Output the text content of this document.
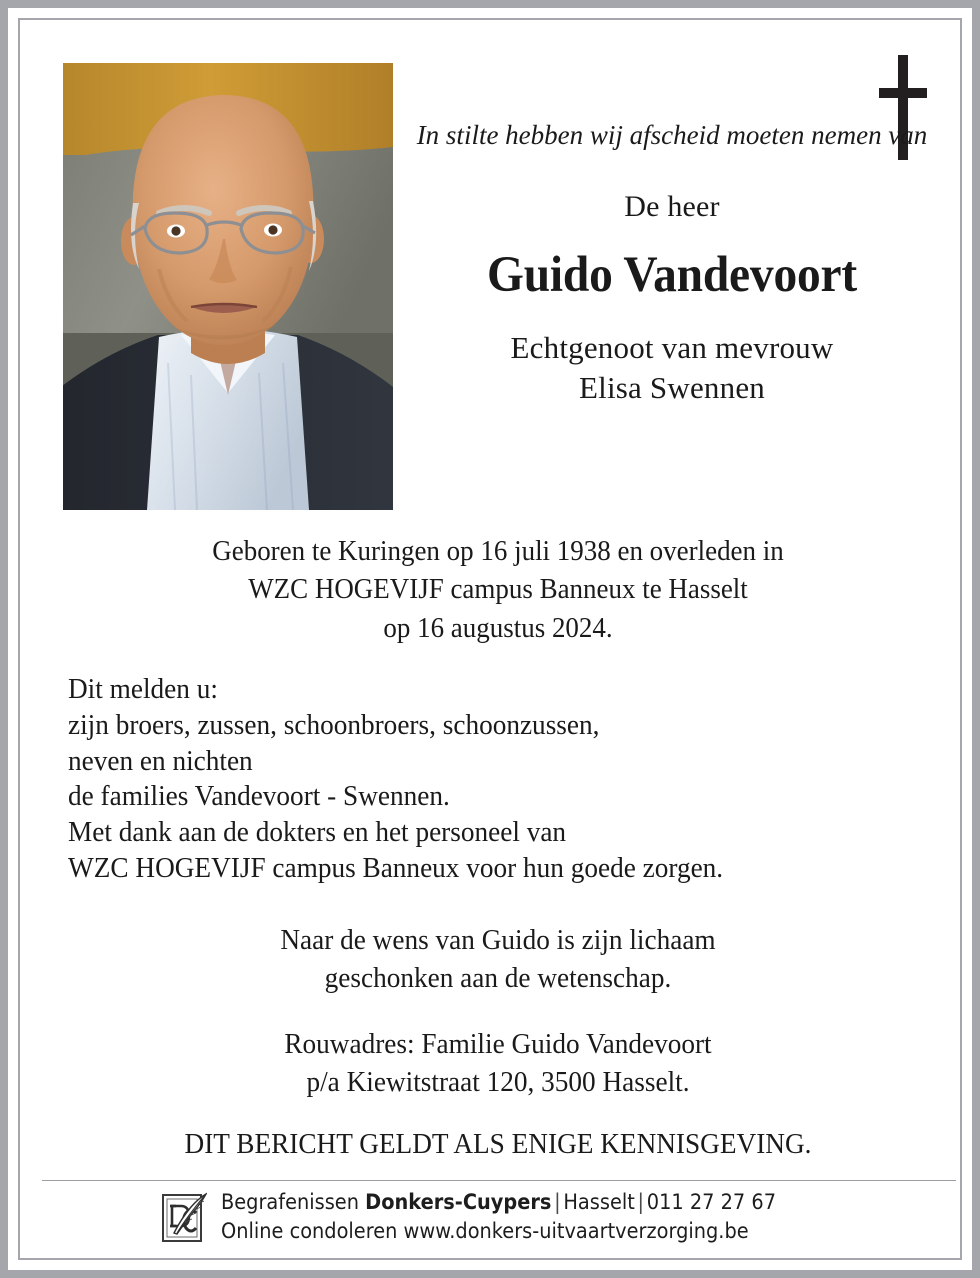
In stilte hebben wij afscheid moeten nemen van
De heer
Guido Vandevoort
Echtgenoot van mevrouw
Elisa Swennen
Geboren te Kuringen op 16 juli 1938 en overleden in
WZC HOGEVIJF campus Banneux te Hasselt
op 16 augustus 2024.
Dit melden u:
zijn broers, zussen, schoonbroers, schoonzussen,
neven en nichten
de families Vandevoort - Swennen.
Met dank aan de dokters en het personeel van
WZC HOGEVIJF campus Banneux voor hun goede zorgen.
Naar de wens van Guido is zijn lichaam
geschonken aan de wetenschap.
Rouwadres: Familie Guido Vandevoort
p/a Kiewitstraat 120, 3500 Hasselt.
DIT BERICHT GELDT ALS ENIGE KENNISGEVING.
Begrafenissen Donkers-Cuypers | Hasselt | 011 27 27 67
Online condoleren www.donkers-uitvaartverzorging.be
